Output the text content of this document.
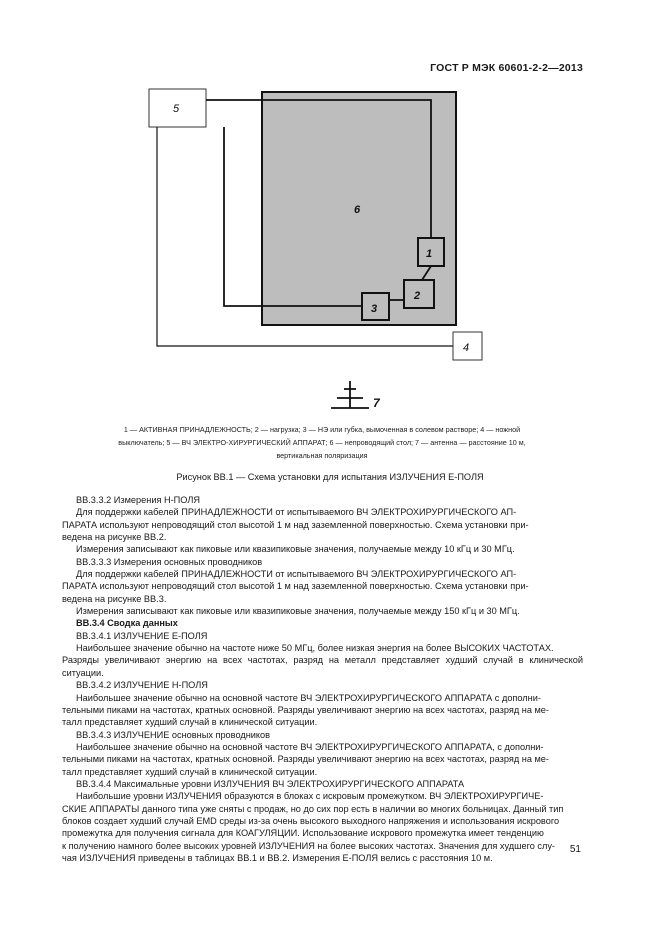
ГОСТ Р МЭК 60601-2-2—2013
1
2
3
4
5
6
7
1 — АКТИВНАЯ ПРИНАДЛЕЖНОСТЬ; 2 — нагрузка; 3 — НЭ или губка, вымоченная в солевом растворе; 4 — ножной
выключатель; 5 — ВЧ ЭЛЕКТРО-ХИРУРГИЧЕСКИЙ АППАРАТ; 6 — непроводящий стол; 7 — антенна — расстояние 10 м,
вертикальная поляризация
Рисунок ВВ.1 — Схема установки для испытания ИЗЛУЧЕНИЯ E-ПОЛЯ

ВВ.3.3.2 Измерения H-ПОЛЯ

Для поддержки кабелей ПРИНАДЛЕЖНОСТИ от испытываемого ВЧ ЭЛЕКТРОХИРУРГИЧЕСКОГО АП-

ПАРАТА используют непроводящий стол высотой 1 м над заземленной поверхностью. Схема установки при-

ведена на рисунке ВВ.2.

Измерения записывают как пиковые или квазипиковые значения, получаемые между 10 кГц и 30 МГц.

ВВ.3.3.3 Измерения основных проводников

Для поддержки кабелей ПРИНАДЛЕЖНОСТИ от испытываемого ВЧ ЭЛЕКТРОХИРУРГИЧЕСКОГО АП-

ПАРАТА используют непроводящий стол высотой 1 м над заземленной поверхностью. Схема установки при-

ведена на рисунке ВВ.3.

Измерения записывают как пиковые или квазипиковые значения, получаемые между 150 кГц и 30 МГц.

ВВ.3.4 Сводка данных

ВВ.3.4.1 ИЗЛУЧЕНИЕ E-ПОЛЯ

Наибольшее значение обычно на частоте ниже 50 МГц, более низкая энергия на более ВЫСОКИХ ЧАСТОТАХ.

Разряды увеличивают энергию на всех частотах, разряд на металл представляет худший случай в клинической ситуации.

ВВ.3.4.2 ИЗЛУЧЕНИЕ H-ПОЛЯ

Наибольшее значение обычно на основной частоте ВЧ ЭЛЕКТРОХИРУРГИЧЕСКОГО АППАРАТА с дополни-

тельными пиками на частотах, кратных основной. Разряды увеличивают энергию на всех частотах, разряд на ме-

талл представляет худший случай в клинической ситуации.

ВВ.3.4.3 ИЗЛУЧЕНИЕ основных проводников

Наибольшее значение обычно на основной частоте ВЧ ЭЛЕКТРОХИРУРГИЧЕСКОГО АППАРАТА, с дополни-

тельными пиками на частотах, кратных основной. Разряды увеличивают энергию на всех частотах, разряд на ме-

талл представляет худший случай в клинической ситуации.

ВВ.3.4.4 Максимальные уровни ИЗЛУЧЕНИЯ ВЧ ЭЛЕКТРОХИРУРГИЧЕСКОГО АППАРАТА

Наибольшие уровни ИЗЛУЧЕНИЯ образуются в блоках с искровым промежутком. ВЧ ЭЛЕКТРОХИРУРГИЧЕ-

СКИЕ АППАРАТЫ данного типа уже сняты с продаж, но до сих пор есть в наличии во многих больницах. Данный тип

блоков создает худший случай ЕМD среды из-за очень высокого выходного напряжения и использования искрового

промежутка для получения сигнала для КОАГУЛЯЦИИ. Использование искрового промежутка имеет тенденцию

к получению намного более высоких уровней ИЗЛУЧЕНИЯ на более высоких частотах. Значения для худшего слу-

чая ИЗЛУЧЕНИЯ приведены в таблицах ВВ.1 и ВВ.2. Измерения E-ПОЛЯ велись с расстояния 10 м.

51
